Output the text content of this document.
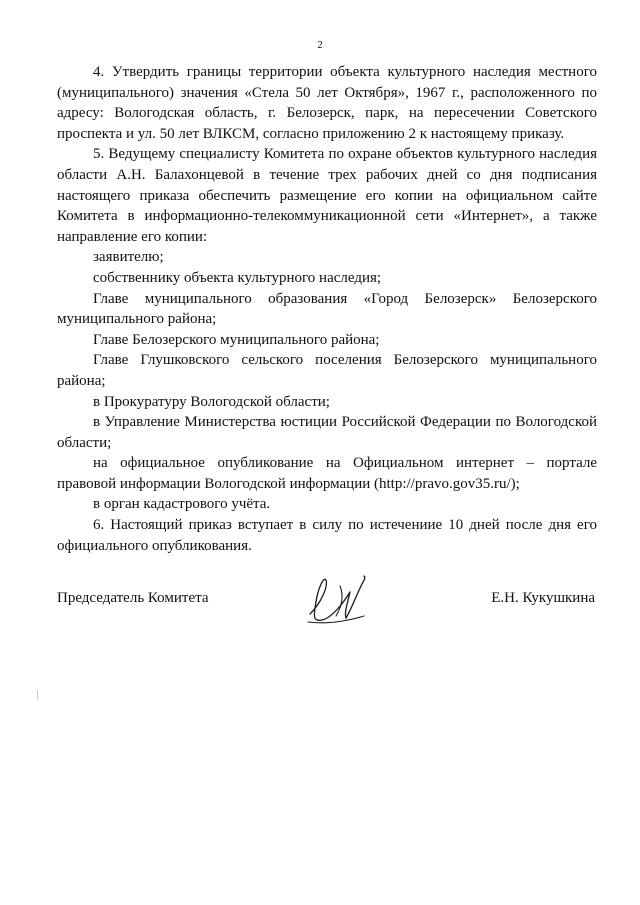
2

4. Утвердить границы территории объекта культурного наследия местного (муниципального) значения «Стела 50 лет Октября», 1967 г., расположенного по адресу: Вологодская область, г. Белозерск, парк, на пересечении Советского проспекта и ул. 50 лет ВЛКСМ, согласно приложению 2 к настоящему приказу.

5. Ведущему специалисту Комитета по охране объектов культурного наследия области А.Н. Балахонцевой в течение трех рабочих дней со дня подписания настоящего приказа обеспечить размещение его копии на официальном сайте Комитета в информационно-телекоммуникационной сети «Интернет», а также направление его копии:

заявителю;

собственнику объекта культурного наследия;

Главе муниципального образования «Город Белозерск» Белозерского муниципального района;

Главе Белозерского муниципального района;

Главе Глушковского сельского поселения Белозерского муниципального района;

в Прокуратуру Вологодской области;

в Управление Министерства юстиции Российской Федерации по Вологодской области;

на официальное опубликование на Официальном интернет – портале правовой информации Вологодской информации (http://pravo.gov35.ru/);

в орган кадастрового учёта.

6. Настоящий приказ вступает в силу по истечениие 10 дней после дня его официального опубликования.

Председатель Комитета	Е.Н. Кукушкина
